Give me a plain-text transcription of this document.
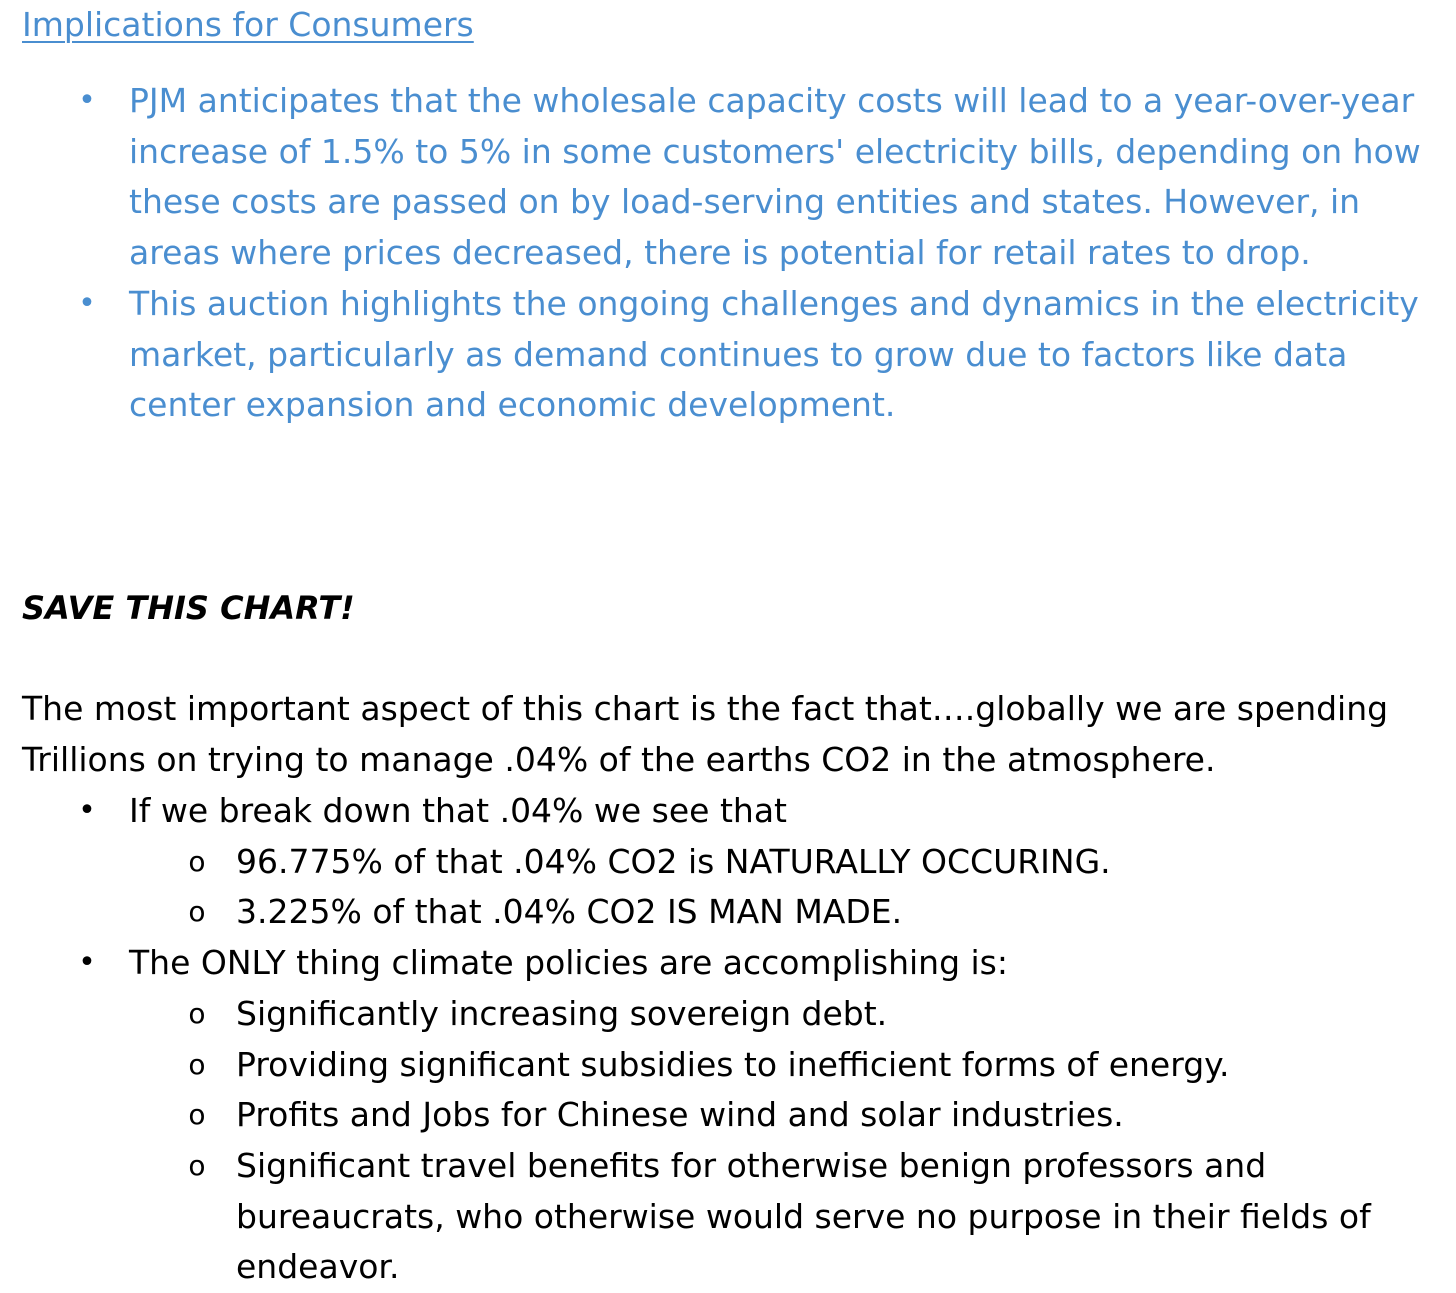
Implications for Consumers
• PJM anticipates that the wholesale capacity costs will lead to a year-over-year increase of 1.5% to 5% in some customers' electricity bills, depending on how these costs are passed on by load-serving entities and states. However, in areas where prices decreased, there is potential for retail rates to drop.
• This auction highlights the ongoing challenges and dynamics in the electricity market, particularly as demand continues to grow due to factors like data center expansion and economic development.
SAVE THIS CHART!

The most important aspect of this chart is the fact that….globally we are spending Trillions on trying to manage .04% of the earths CO2 in the atmosphere.

• If we break down that .04% we see that
o 96.775% of that .04% CO2 is NATURALLY OCCURING.
o 3.225% of that .04% CO2 IS MAN MADE.
• The ONLY thing climate policies are accomplishing is:
o Significantly increasing sovereign debt.
o Providing significant subsidies to inefficient forms of energy.
o Profits and Jobs for Chinese wind and solar industries.
o Significant travel benefits for otherwise benign professors and bureaucrats, who otherwise would serve no purpose in their fields of endeavor.
